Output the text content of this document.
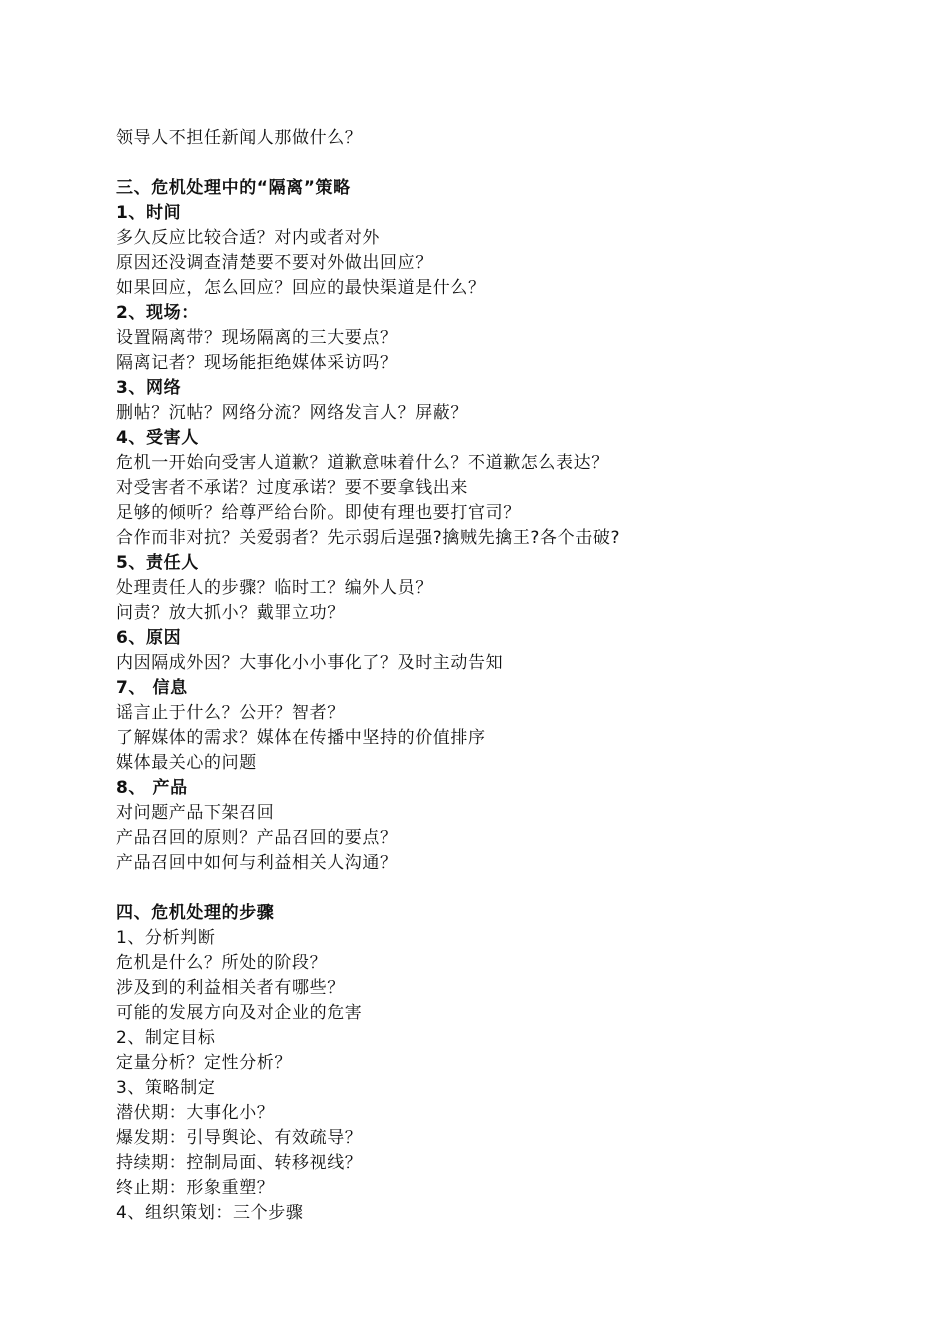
领导人不担任新闻人那做什么？
三、危机处理中的“隔离”策略
1、时间
多久反应比较合适？对内或者对外
原因还没调查清楚要不要对外做出回应？
如果回应，怎么回应？回应的最快渠道是什么？
2、现场：
设置隔离带？现场隔离的三大要点？
隔离记者？现场能拒绝媒体采访吗？
3、网络
删帖？沉帖？网络分流？网络发言人？屏蔽？
4、受害人
危机一开始向受害人道歉？道歉意味着什么？不道歉怎么表达？
对受害者不承诺？过度承诺？要不要拿钱出来
足够的倾听？给尊严给台阶。即使有理也要打官司？
合作而非对抗？关爱弱者？先示弱后逞强?擒贼先擒王?各个击破?
5、责任人
处理责任人的步骤？临时工？编外人员？
问责？放大抓小？戴罪立功？
6、原因
内因隔成外因？大事化小小事化了？及时主动告知
7、 信息
谣言止于什么？公开？智者？
了解媒体的需求？媒体在传播中坚持的价值排序
媒体最关心的问题
8、 产品
对问题产品下架召回
产品召回的原则？产品召回的要点？
产品召回中如何与利益相关人沟通？
四、危机处理的步骤
1、分析判断
危机是什么？所处的阶段？
涉及到的利益相关者有哪些？
可能的发展方向及对企业的危害
2、制定目标
定量分析？定性分析？
3、策略制定
潜伏期：大事化小？
爆发期：引导舆论、有效疏导？
持续期：控制局面、转移视线？
终止期：形象重塑？
4、组织策划：三个步骤
